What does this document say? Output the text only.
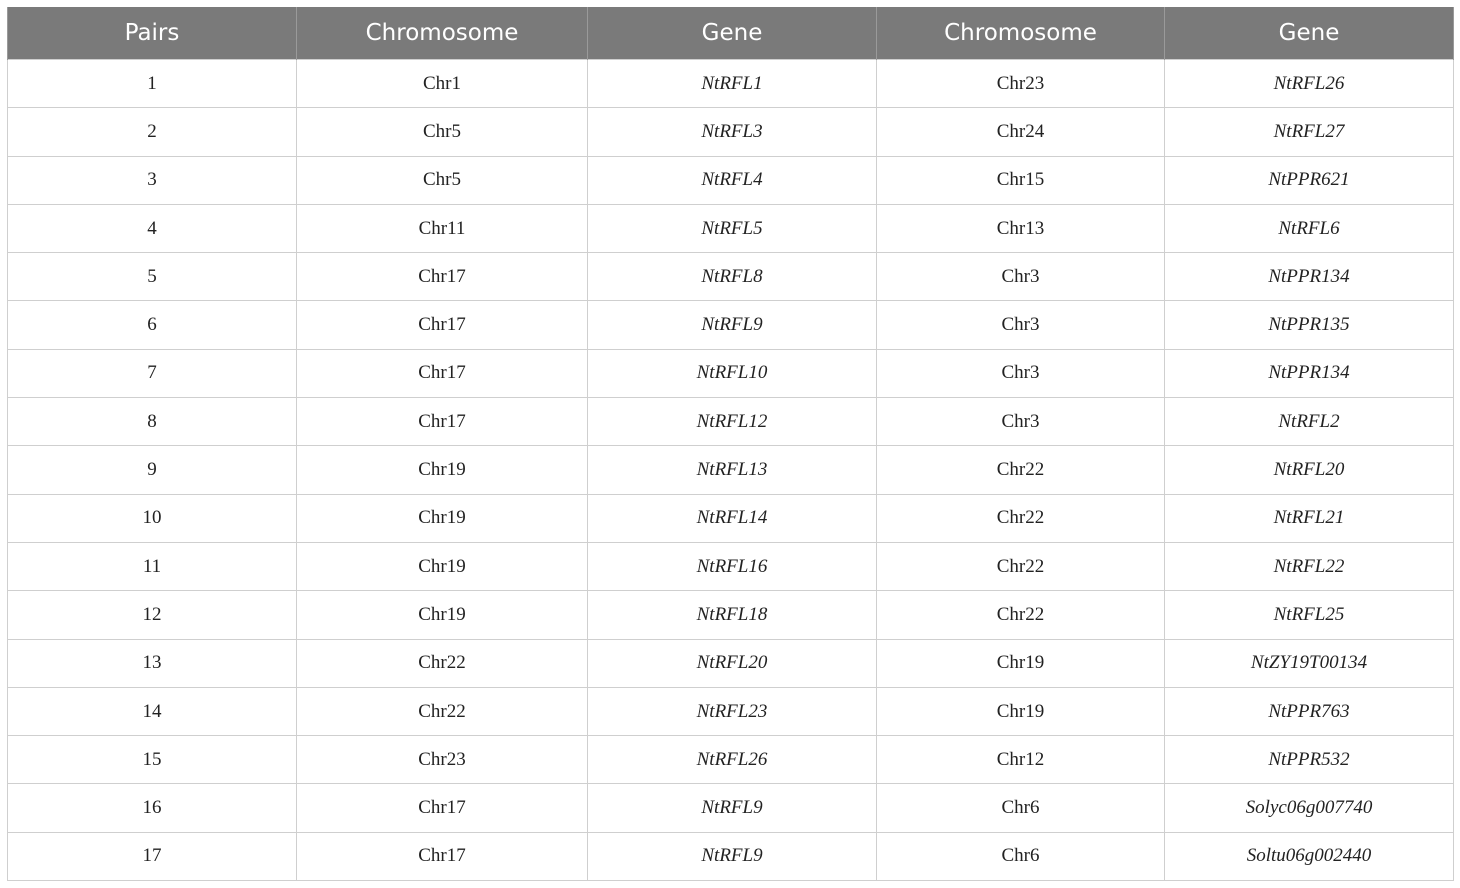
Pairs	Chromosome	Gene	Chromosome	Gene
1	Chr1	NtRFL1	Chr23	NtRFL26
2	Chr5	NtRFL3	Chr24	NtRFL27
3	Chr5	NtRFL4	Chr15	NtPPR621
4	Chr11	NtRFL5	Chr13	NtRFL6
5	Chr17	NtRFL8	Chr3	NtPPR134
6	Chr17	NtRFL9	Chr3	NtPPR135
7	Chr17	NtRFL10	Chr3	NtPPR134
8	Chr17	NtRFL12	Chr3	NtRFL2
9	Chr19	NtRFL13	Chr22	NtRFL20
10	Chr19	NtRFL14	Chr22	NtRFL21
11	Chr19	NtRFL16	Chr22	NtRFL22
12	Chr19	NtRFL18	Chr22	NtRFL25
13	Chr22	NtRFL20	Chr19	NtZY19T00134
14	Chr22	NtRFL23	Chr19	NtPPR763
15	Chr23	NtRFL26	Chr12	NtPPR532
16	Chr17	NtRFL9	Chr6	Solyc06g007740
17	Chr17	NtRFL9	Chr6	Soltu06g002440
